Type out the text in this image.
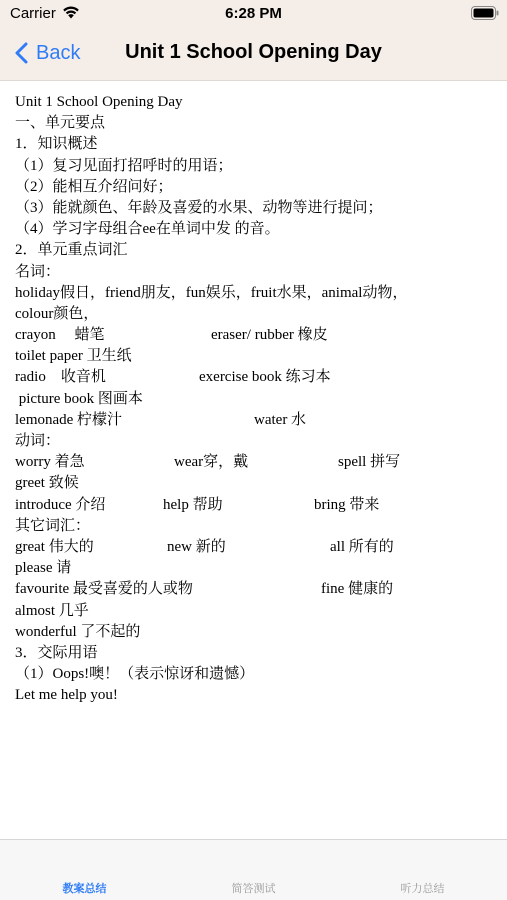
Carrier	6:28 PM
Back	Unit 1 School Opening Day
Unit 1 School Opening Day
一、单元要点
1．知识概述
（1）复习见面打招呼时的用语；
（2）能相互介绍问好；
（3）能就颜色、年龄及喜爱的水果、动物等进行提问；
（4）学习字母组合ee在单词中发 的音。
2．单元重点词汇
名词：
holiday假日，friend朋友，fun娱乐，fruit水果，animal动物，
colour颜色，
crayon　 蜡笔	eraser/ rubber 橡皮
toilet paper 卫生纸
radio　收音机	exercise book 练习本
picture book 图画本
lemonade 柠檬汁	water 水
动词：
worry 着急	wear穿，戴	spell 拼写
greet 致候
introduce 介绍	help 帮助	bring 带来
其它词汇：
great 伟大的	new 新的	all 所有的
please 请
favourite 最受喜爱的人或物	fine 健康的
almost 几乎
wonderful 了不起的
3．交际用语
（1）Oops!噢！（表示惊讶和遗憾）
Let me help you!
教案总结	简答测试	听力总结
